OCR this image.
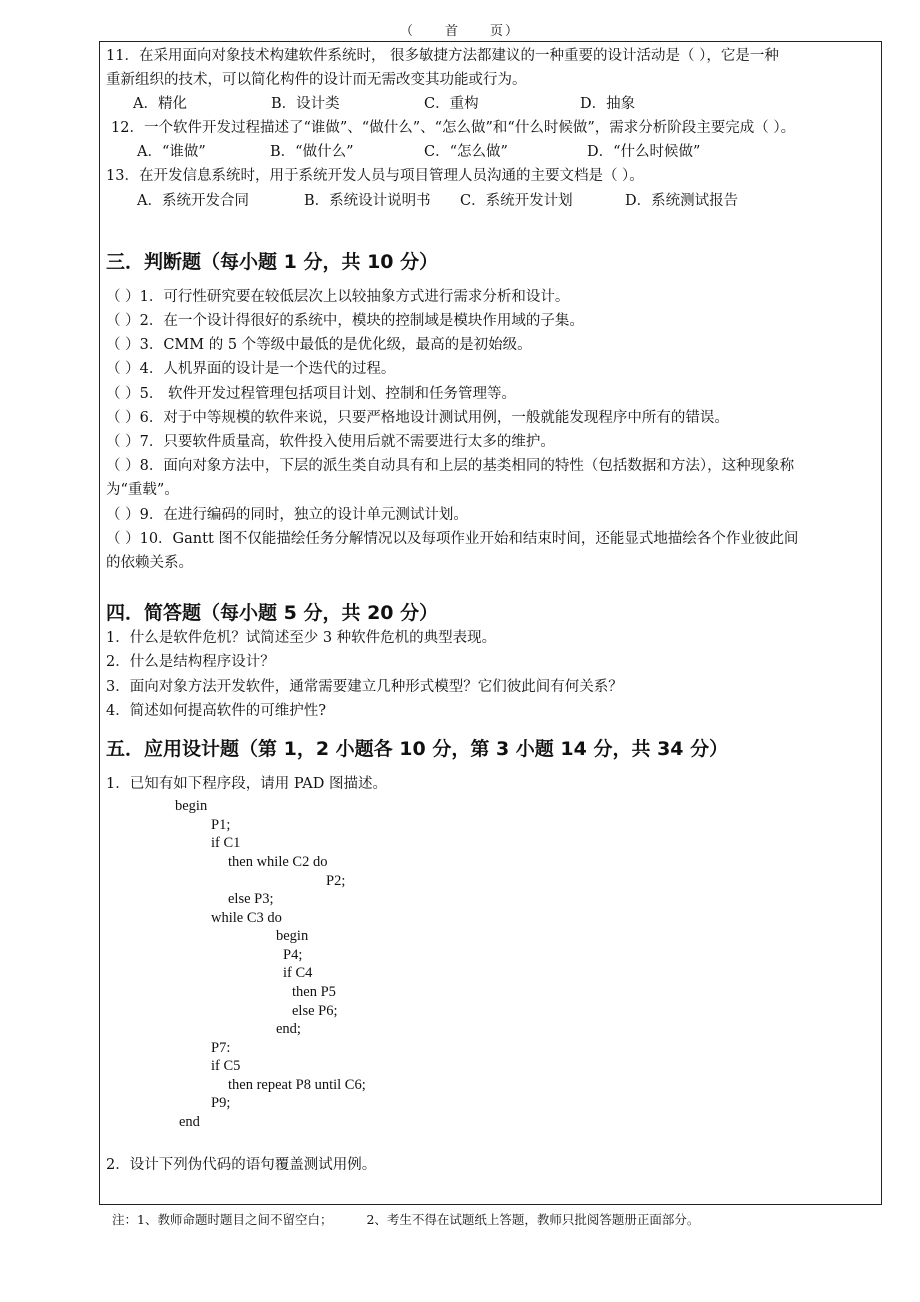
（ 首 页）
11．在采用面向对象技术构建软件系统时， 很多敏捷方法都建议的一种重要的设计活动是（ ），它是一种
重新组织的技术，可以简化构件的设计而无需改变其功能或行为。
A．精化	B．设计类	C．重构	D．抽象
12．一个软件开发过程描述了“谁做”、“做什么”、“怎么做”和“什么时候做”，需求分析阶段主要完成（ ）。
A．“谁做”	B．“做什么”	C．“怎么做”	D．“什么时候做”
13．在开发信息系统时，用于系统开发人员与项目管理人员沟通的主要文档是（ ）。
A．系统开发合同	B．系统设计说明书 C．系统开发计划	D．系统测试报告
三．判断题（每小题 1 分，共 10 分）
（ ）1．可行性研究要在较低层次上以较抽象方式进行需求分析和设计。
（ ）2．在一个设计得很好的系统中，模块的控制域是模块作用域的子集。
（ ）3．CMM 的 5 个等级中最低的是优化级，最高的是初始级。
（ ）4．人机界面的设计是一个迭代的过程。
（ ）5． 软件开发过程管理包括项目计划、控制和任务管理等。
（ ）6．对于中等规模的软件来说，只要严格地设计测试用例，一般就能发现程序中所有的错误。
（ ）7．只要软件质量高，软件投入使用后就不需要进行太多的维护。
（ ）8．面向对象方法中，下层的派生类自动具有和上层的基类相同的特性（包括数据和方法），这种现象称
为“重载”。
（ ）9．在进行编码的同时，独立的设计单元测试计划。
（ ）10．Gantt 图不仅能描绘任务分解情况以及每项作业开始和结束时间，还能显式地描绘各个作业彼此间
的依赖关系。
四．简答题（每小题 5 分，共 20 分）
1．什么是软件危机？试简述至少 3 种软件危机的典型表现。
2．什么是结构程序设计？
3．面向对象方法开发软件，通常需要建立几种形式模型？它们彼此间有何关系？
4．简述如何提高软件的可维护性?
五．应用设计题（第 1，2 小题各 10 分，第 3 小题 14 分，共 34 分）
1．已知有如下程序段，请用 PAD 图描述。
begin
P1;
if C1
then while C2 do
P2;
else P3;
while C3 do
begin
P4;
if C4
then P5
else P6;
end;
P7:
if C5
then repeat P8 until C6;
P9;
end
2．设计下列伪代码的语句覆盖测试用例。
注：1、教师命题时题目之间不留空白；	2、考生不得在试题纸上答题，教师只批阅答题册正面部分。
